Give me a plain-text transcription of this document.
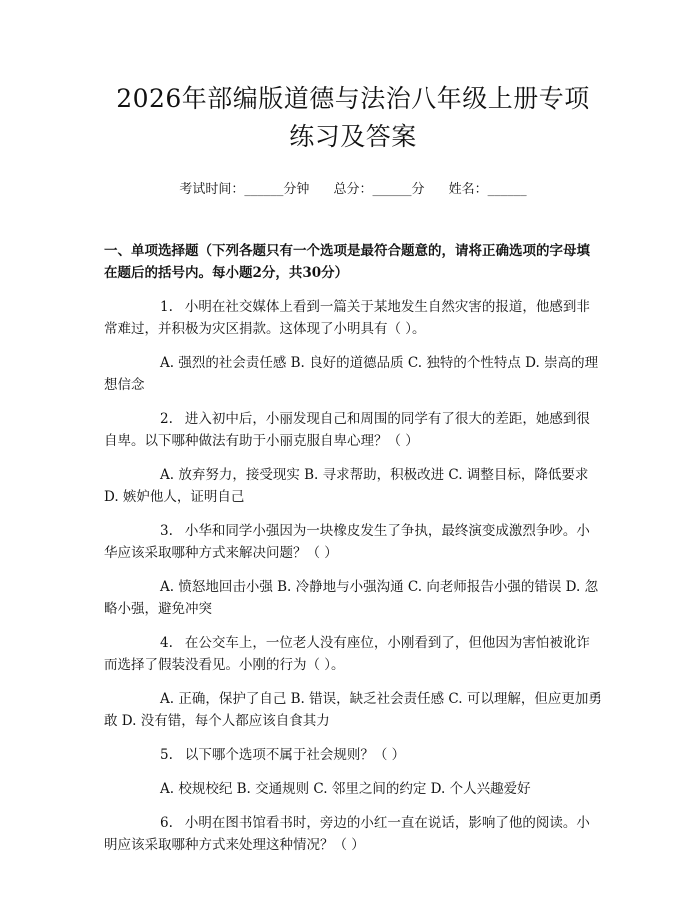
2026年部编版道德与法治八年级上册专项练习及答案
考试时间：______分钟 总分：______分 姓名：______
一、单项选择题（下列各题只有一个选项是最符合题意的，请将正确选项的字母填在题后的括号内。每小题2分，共30分）
1. 小明在社交媒体上看到一篇关于某地发生自然灾害的报道，他感到非常难过，并积极为灾区捐款。这体现了小明具有（ ）。
A. 强烈的社会责任感 B. 良好的道德品质 C. 独特的个性特点 D. 崇高的理想信念
2. 进入初中后，小丽发现自己和周围的同学有了很大的差距，她感到很自卑。以下哪种做法有助于小丽克服自卑心理？（ ）
A. 放弃努力，接受现实 B. 寻求帮助，积极改进 C. 调整目标，降低要求 D. 嫉妒他人，证明自己
3. 小华和同学小强因为一块橡皮发生了争执，最终演变成激烈争吵。小华应该采取哪种方式来解决问题？（ ）
A. 愤怒地回击小强 B. 冷静地与小强沟通 C. 向老师报告小强的错误 D. 忽略小强，避免冲突
4. 在公交车上，一位老人没有座位，小刚看到了，但他因为害怕被讹诈而选择了假装没看见。小刚的行为（ ）。
A. 正确，保护了自己 B. 错误，缺乏社会责任感 C. 可以理解，但应更加勇敢 D. 没有错，每个人都应该自食其力
5. 以下哪个选项不属于社会规则？（ ）
A. 校规校纪 B. 交通规则 C. 邻里之间的约定 D. 个人兴趣爱好
6. 小明在图书馆看书时，旁边的小红一直在说话，影响了他的阅读。小明应该采取哪种方式来处理这种情况？（ ）
